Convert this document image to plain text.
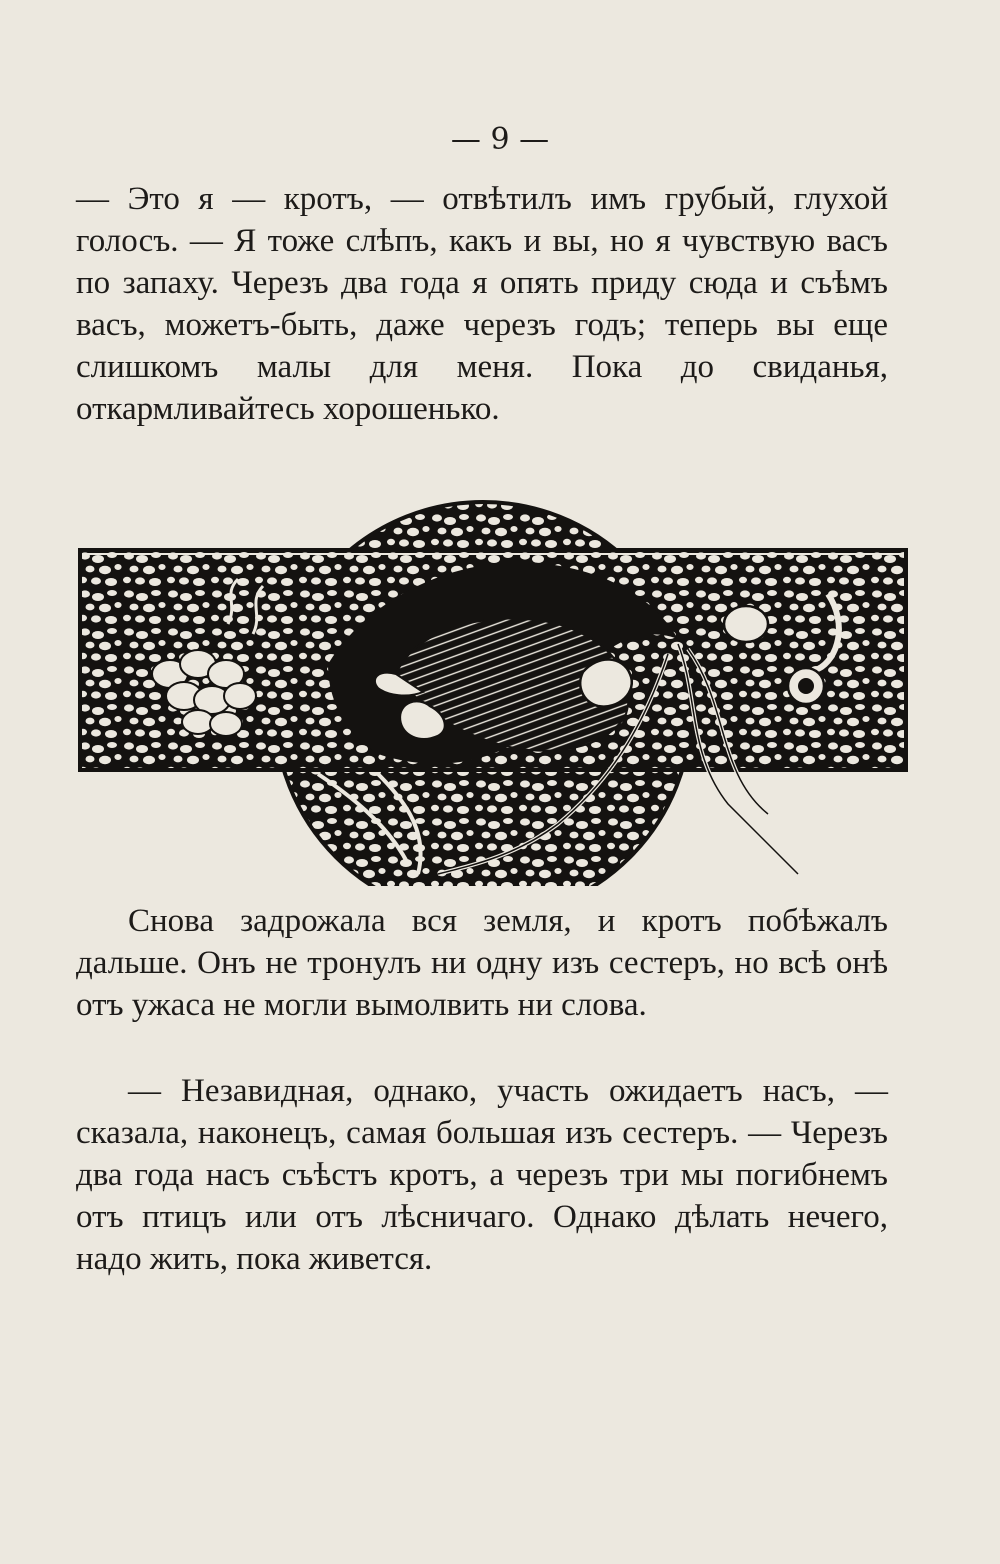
— 9 —

— Это я — кротъ, — отвѣтилъ имъ грубый, глухой голосъ. — Я тоже слѣпъ, какъ и вы, но я чувствую васъ по запаху. Черезъ два года я опять приду сюда и съѣмъ васъ, можетъ-быть, даже черезъ годъ; теперь вы еще слишкомъ малы для меня. Пока до свиданья, откармливайтесь хорошенько.

Снова задрожала вся земля, и кротъ побѣжалъ дальше. Онъ не тронулъ ни одну изъ сестеръ, но всѣ онѣ отъ ужаса не могли вымолвить ни слова.

— Незавидная, однако, участь ожидаетъ насъ, — сказала, наконецъ, самая большая изъ сестеръ. — Черезъ два года насъ съѣстъ кротъ, а черезъ три мы погибнемъ отъ птицъ или отъ лѣсничаго. Однако дѣлать нечего, надо жить, пока живется.
